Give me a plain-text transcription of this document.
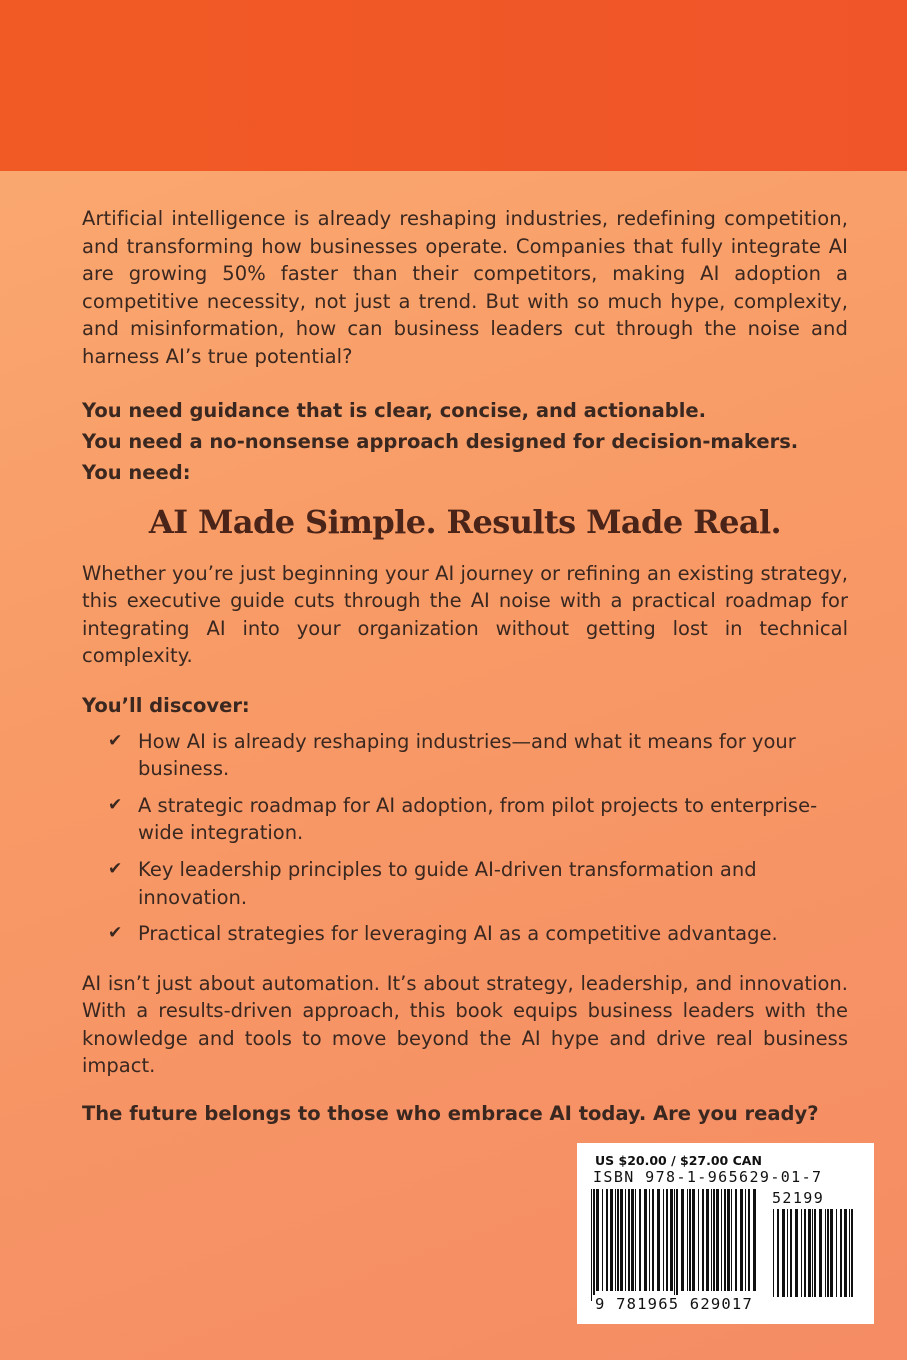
Artificial intelligence is already reshaping industries, redefining competition, and transforming how businesses operate. Companies that fully integrate AI are growing 50% faster than their competitors, making AI adoption a competitive necessity, not just a trend. But with so much hype, complexity, and misinformation, how can business leaders cut through the noise and harness AI’s true potential?

You need guidance that is clear, concise, and actionable.

You need a no-nonsense approach designed for decision-makers.

You need:

AI Made Simple. Results Made Real.

Whether you’re just beginning your AI journey or refining an existing strategy, this executive guide cuts through the AI noise with a practical roadmap for integrating AI into your organization without getting lost in technical complexity.

You’ll discover:

✔ How AI is already reshaping industries—and what it means for your business.
✔ A strategic roadmap for AI adoption, from pilot projects to enterprise-wide integration.
✔ Key leadership principles to guide AI-driven transformation and innovation.
✔ Practical strategies for leveraging AI as a competitive advantage.

AI isn’t just about automation. It’s about strategy, leadership, and innovation. With a results-driven approach, this book equips business leaders with the knowledge and tools to move beyond the AI hype and drive real business impact.

The future belongs to those who embrace AI today. Are you ready?

US $20.00 / $27.00 CAN
ISBN 978-1-965629-01-7
52199
9 781965 629017
